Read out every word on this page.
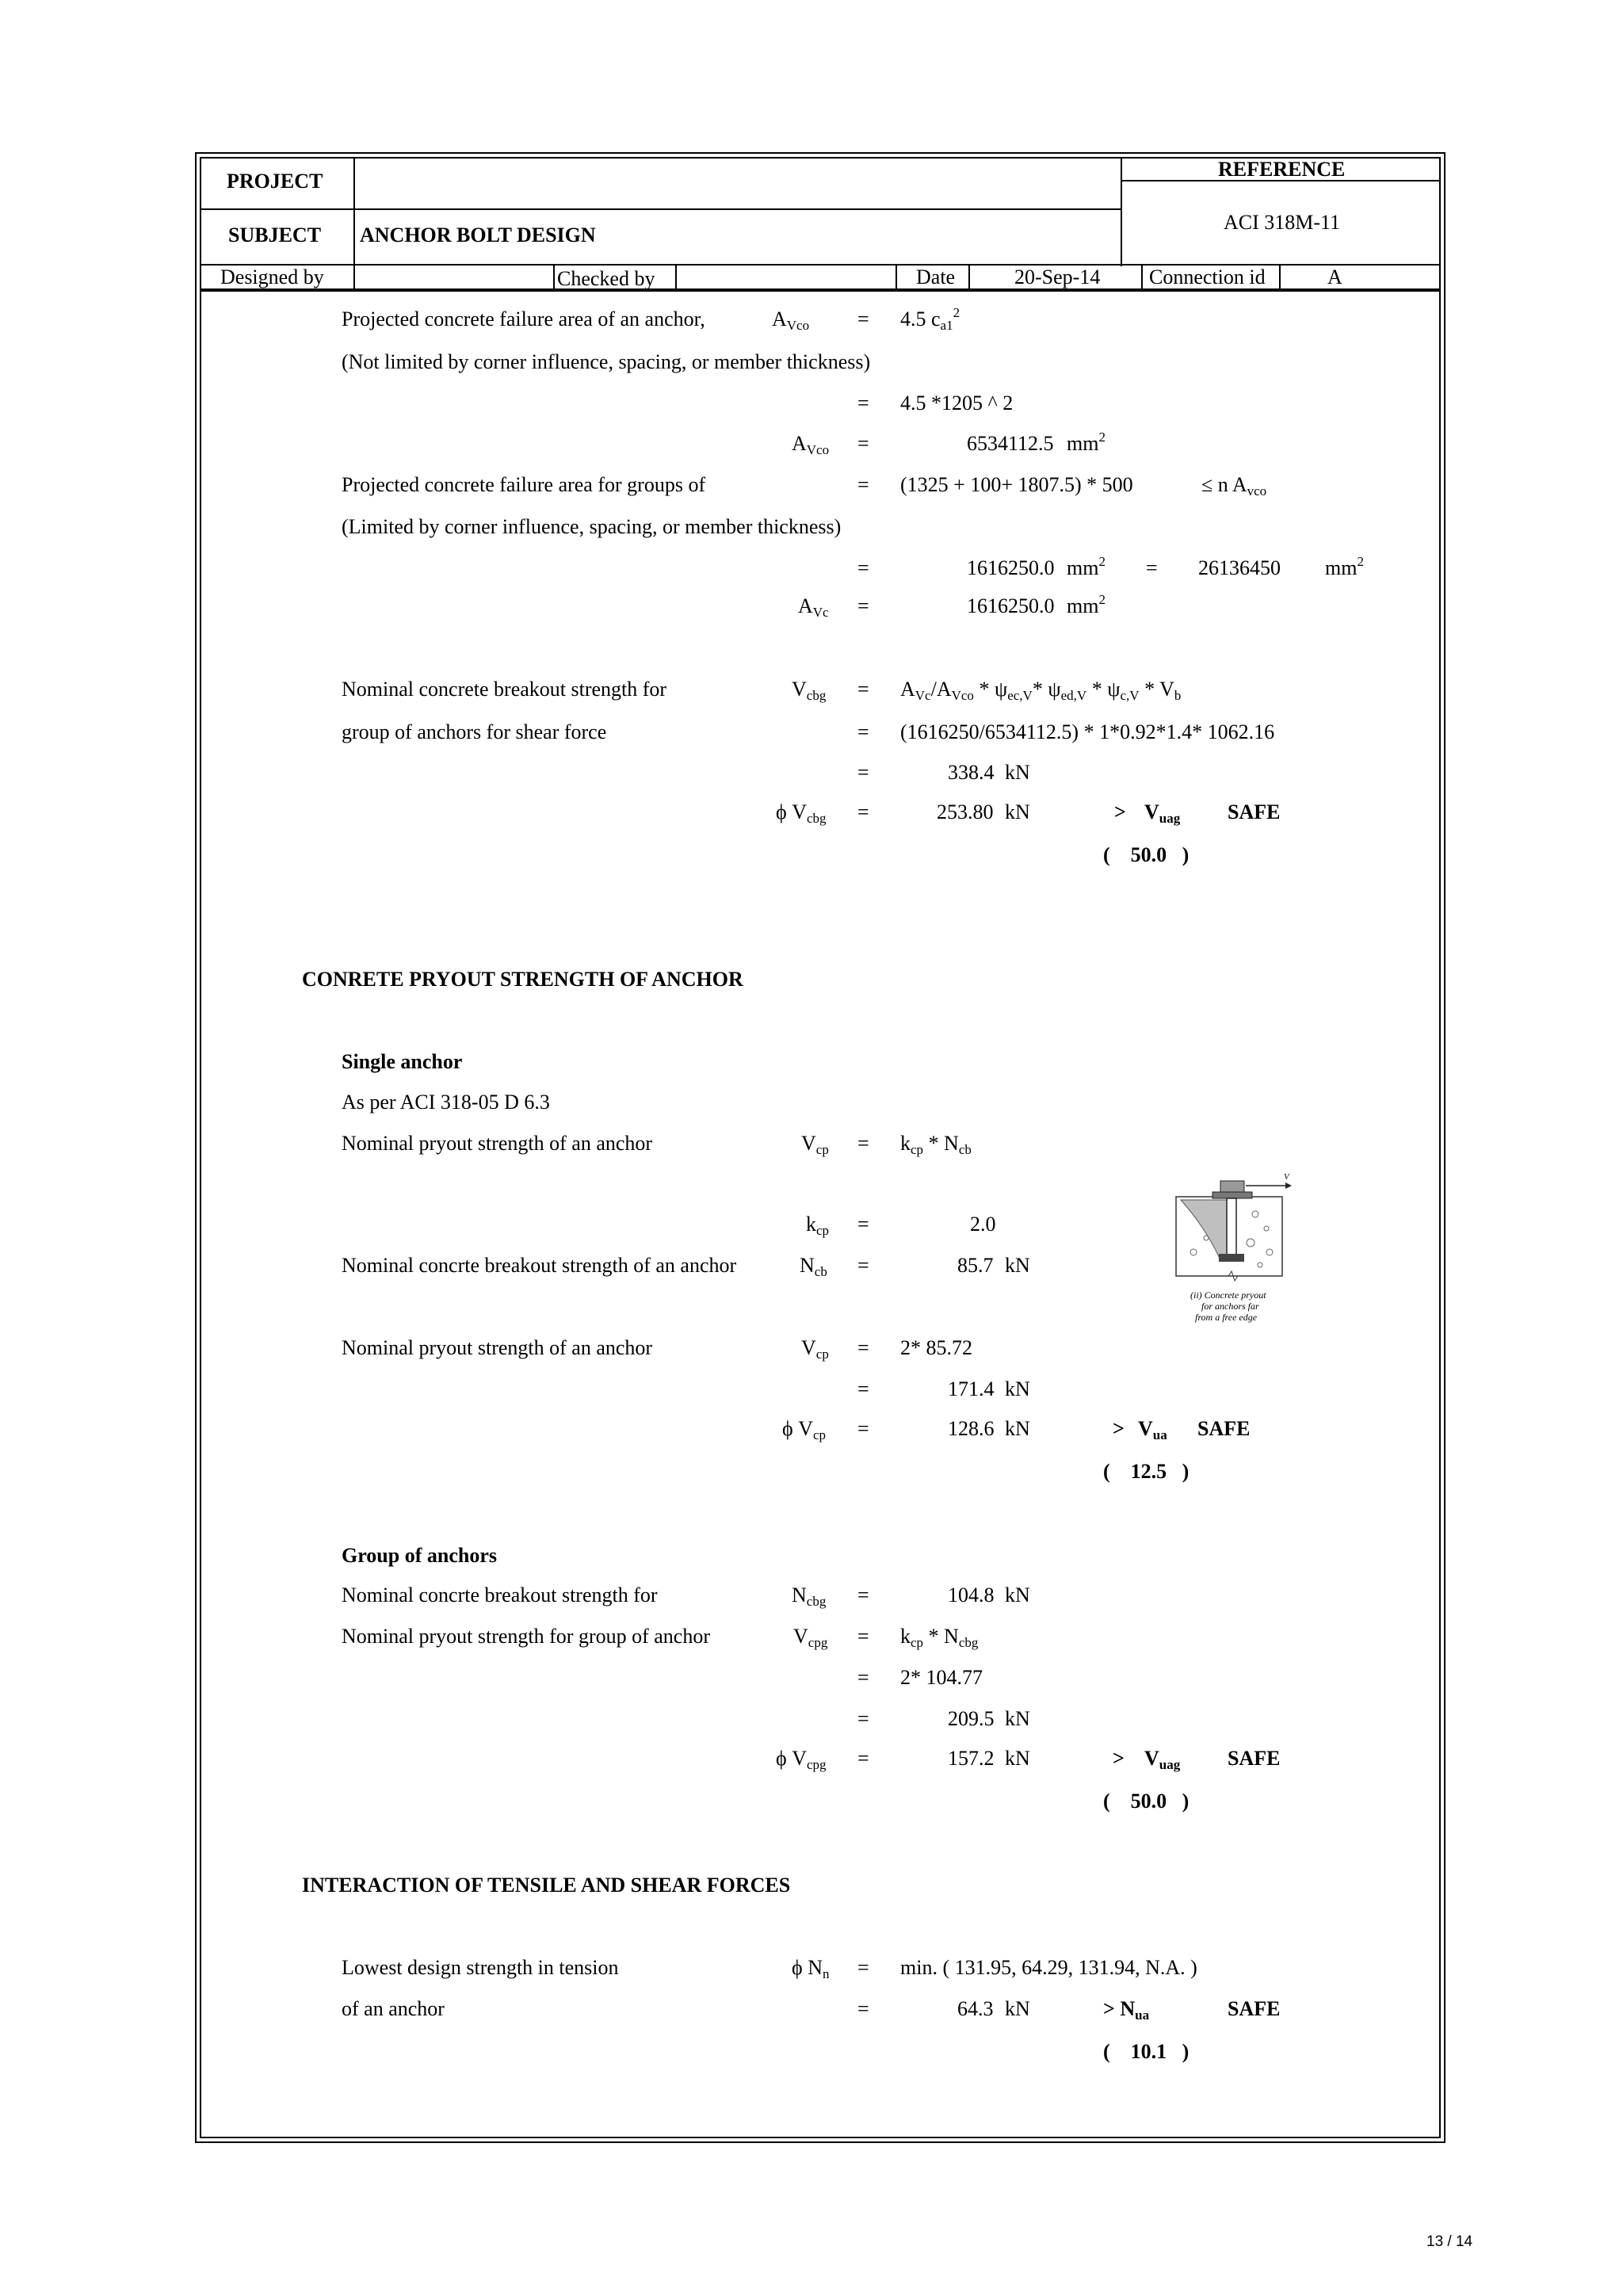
PROJECT
SUBJECT ANCHOR BOLT DESIGN
REFERENCE
ACI 318M-11
Designed by	Checked by	Date	20-Sep-14 Connection id	A
Projected concrete failure area of an anchor,	$A_{Vco} = 4.5$ $c_{a1}^2$
(Not limited by corner influence, spacing, or member thickness)
= 4.5 *1205 ^ 2
$A_{Vco}$ =	6534112.5 $mm^2$
Projected concrete failure area for groups of	= (1325 + 100+ 1807.5) * 500	≤ n $A_{vco}$
(Limited by corner influence, spacing, or member thickness)
=	1616250.0 $mm^2 = 26136450$ $mm^2$
$A_{Vc}$ =	1616250.0 $mm^2$
Nominal concrete breakout strength for	$V_{cbg} = A_{Vc}/A_{Vco} * \psi_{ec,V}*$ $\psi_{ed,V} * \psi_{c,V} * V_b$
group of anchors for shear force	= (1616250/6534112.5) * 1*0.92*1.4* 1062.16
=	338.4 kN
ϕ $V_{cbg}$ =	253.80 kN	> $V_{uag}$ SAFE
(    50.0   )
CONRETE PRYOUT STRENGTH OF ANCHOR
Single anchor
As per ACI 318-05 D 6.3
Nominal pryout strength of an anchor	$V_{cp} = k_{cp} * N_{cb}$
$k_{cp}$ =	2.0
Nominal concrte breakout strength of an anchor	$N_{cb}$ =	85.7 kN
V
(ii) Concrete pryout
for anchors far
from a free edge
Nominal pryout strength of an anchor	$V_{cp} = 2*$ 85.72
=	171.4 kN
ϕ $V_{cp}$ =	128.6 kN	> $V_{ua}$ SAFE
(    12.5   )
Group of anchors
Nominal concrte breakout strength for	$N_{cbg}$ =	104.8 kN
Nominal pryout strength for group of anchor	$V_{cpg} = k_{cp} * N_{cbg}$
= 2* 104.77
=	209.5 kN
ϕ $V_{cpg}$ =	157.2 kN	> $V_{uag}$ SAFE
(    50.0   )
INTERACTION OF TENSILE AND SHEAR FORCES
Lowest design strength in tension	ϕ $N_n = \min$. ( 131.95, 64.29, 131.94, N.A. )
of an anchor	=	64.3 kN	> $N_{ua}$	SAFE
(    10.1   )
13 / 14
